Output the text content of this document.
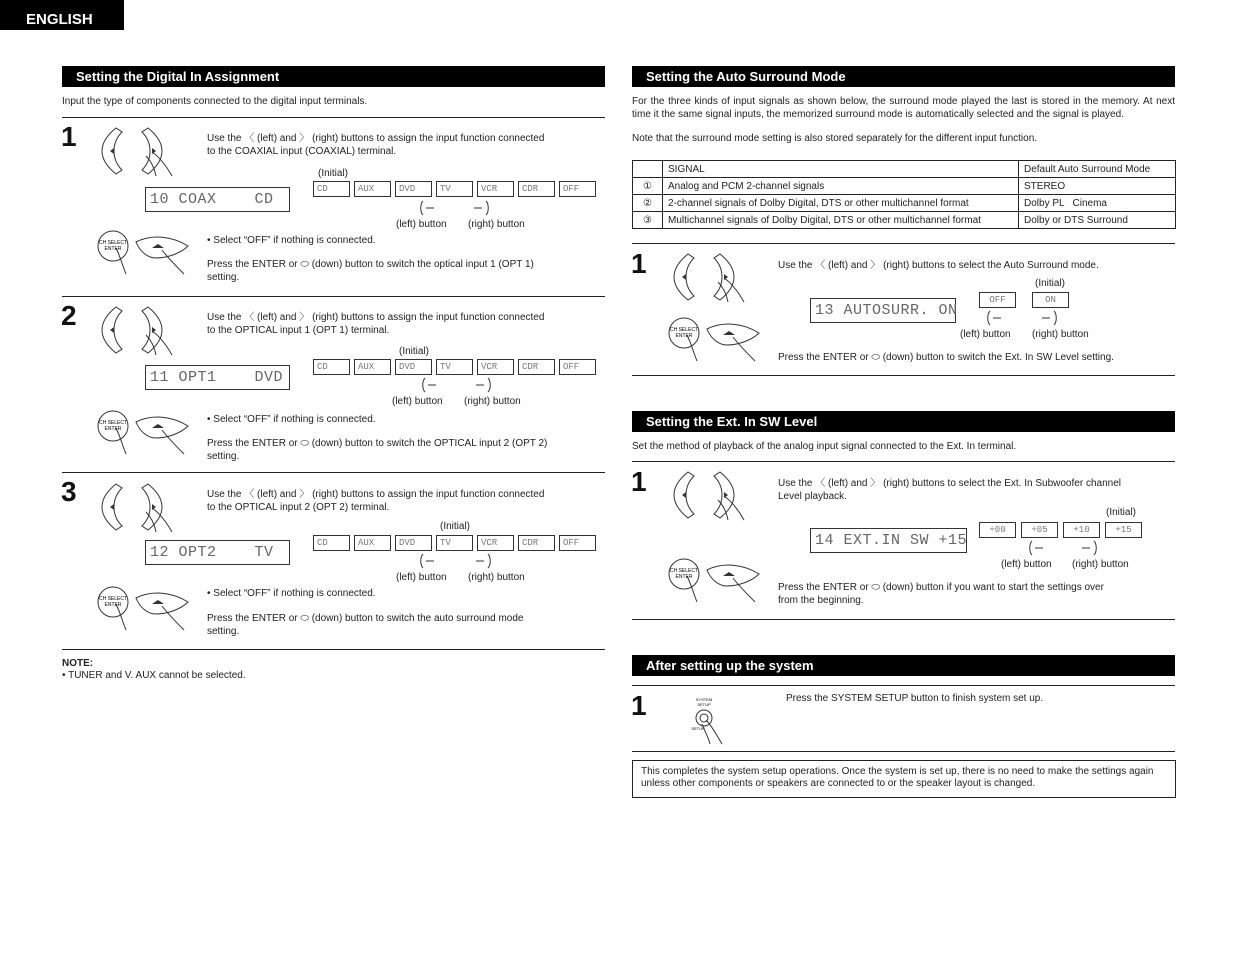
ENGLISH
Setting the Digital In Assignment
Input the type of components connected to the digital input terminals.
1	Use the 〈 (left) and 〉 (right) buttons to assign the input function connected
to the COAXIAL input (COAXIAL) terminal.
(Initial)
10 COAX    CD
CD	AUX	DVD	TV	VCR	CDR	OFF
(left) button (right) button
CH SELECT
ENTER
• Select “OFF” if nothing is connected.
Press the ENTER or ⬭ (down) button to switch the optical input 1 (OPT 1)
setting.
2	Use the 〈 (left) and 〉 (right) buttons to assign the input function connected
to the OPTICAL input 1 (OPT 1) terminal.
(Initial)
11 OPT1    DVD
CD	AUX	DVD	TV	VCR	CDR	OFF
(left) button (right) button
CH SELECT
ENTER
• Select “OFF” if nothing is connected.
Press the ENTER or ⬭ (down) button to switch the OPTICAL input 2 (OPT 2)
setting.
3	Use the 〈 (left) and 〉 (right) buttons to assign the input function connected
to the OPTICAL input 2 (OPT 2) terminal.
(Initial)
12 OPT2    TV
CD	AUX	DVD	TV	VCR	CDR	OFF
(left) button (right) button
CH SELECT
ENTER
• Select “OFF” if nothing is connected.
Press the ENTER or ⬭ (down) button to switch the auto surround mode
setting.
NOTE:
• TUNER and V. AUX cannot be selected.
Setting the Auto Surround Mode
For the three kinds of input signals as shown below, the surround mode played the last is stored in the memory. At next time it the same signal inputs, the memorized surround mode is automatically selected and the signal is played.
Note that the surround mode setting is also stored separately for the different input function.
	SIGNAL	Default Auto Surround Mode
①	Analog and PCM 2-channel signals	STEREO
②	2-channel signals of Dolby Digital, DTS or other multichannel format	Dolby PL   Cinema
③	Multichannel signals of Dolby Digital, DTS or other multichannel format	Dolby or DTS Surround
1	Use the 〈 (left) and 〉 (right) buttons to select the Auto Surround mode.
(Initial)
13 AUTOSURR. ON
OFF	ON
(left) button (right) button
CH SELECT
ENTER
Press the ENTER or ⬭ (down) button to switch the Ext. In SW Level setting.
Setting the Ext. In SW Level
Set the method of playback of the analog input signal connected to the Ext. In terminal.
1	Use the 〈 (left) and 〉 (right) buttons to select the Ext. In Subwoofer channel
Level playback.
(Initial)
14 EXT.IN SW +15
+00	+05	+10	+15
(left) button (right) button
CH SELECT
ENTER
Press the ENTER or ⬭ (down) button if you want to start the settings over
from the beginning.
After setting up the system
1	SYSTEM
SETUP
SETUP
Press the SYSTEM SETUP button to finish system set up.
This completes the system setup operations. Once the system is set up, there is no need to make the settings again unless other components or speakers are connected to or the speaker layout is changed.
